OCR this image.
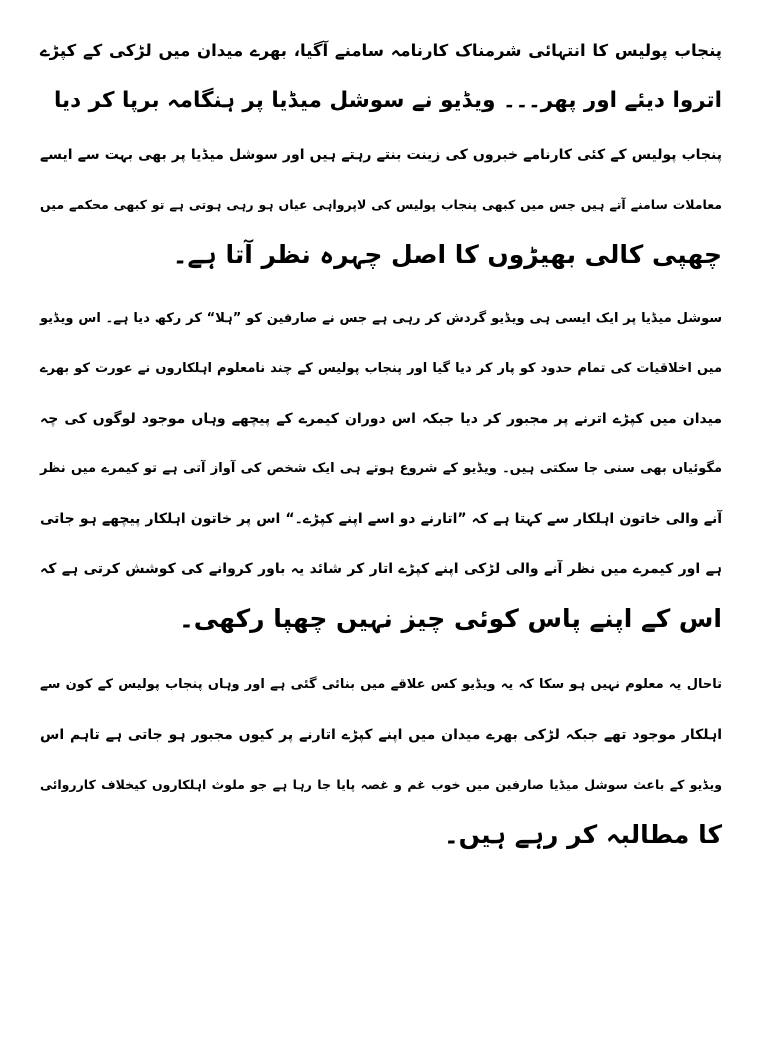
پنجاب پولیس کا انتہائی شرمناک کارنامہ سامنے آگیا، بھرے میدان میں لڑکی کے کپڑے
اتروا دیئے اور پھر۔۔۔ ویڈیو نے سوشل میڈیا پر ہنگامہ برپا کر دیا
پنجاب پولیس کے کئی کارنامے خبروں کی زینت بنتے رہتے ہیں اور سوشل میڈیا پر بھی بہت سے ایسے
معاملات سامنے آتے ہیں جس میں کبھی پنجاب پولیس کی لاپرواہی عیاں ہو رہی ہوتی ہے تو کبھی محکمے میں
چھپی کالی بھیڑوں کا اصل چہرہ نظر آتا ہے۔
سوشل میڈیا پر ایک ایسی ہی ویڈیو گردش کر رہی ہے جس نے صارفین کو ”ہلا“ کر رکھ دیا ہے۔ اس ویڈیو
میں اخلاقیات کی تمام حدود کو پار کر دیا گیا اور پنجاب پولیس کے چند نامعلوم اہلکاروں نے عورت کو بھرے
میدان میں کپڑے اترنے پر مجبور کر دیا جبکہ اس دوران کیمرے کے پیچھے وہاں موجود لوگوں کی چہ
مگوئیاں بھی سنی جا سکتی ہیں۔ ویڈیو کے شروع ہوتے ہی ایک شخص کی آواز آتی ہے تو کیمرے میں نظر
آنے والی خاتون اہلکار سے کہتا ہے کہ ”اتارنے دو اسے اپنے کپڑے۔“ اس پر خاتون اہلکار پیچھے ہو جاتی
ہے اور کیمرے میں نظر آنے والی لڑکی اپنے کپڑے اتار کر شائد یہ باور کروانے کی کوشش کرتی ہے کہ
اس کے اپنے پاس کوئی چیز نہیں چھپا رکھی۔
تاحال یہ معلوم نہیں ہو سکا کہ یہ ویڈیو کس علاقے میں بنائی گئی ہے اور وہاں پنجاب پولیس کے کون سے
اہلکار موجود تھے جبکہ لڑکی بھرے میدان میں اپنے کپڑے اتارنے پر کیوں مجبور ہو جاتی ہے تاہم اس
ویڈیو کے باعث سوشل میڈیا صارفین میں خوب غم و غصہ پایا جا رہا ہے جو ملوث اہلکاروں کیخلاف کارروائی
کا مطالبہ کر رہے ہیں۔
